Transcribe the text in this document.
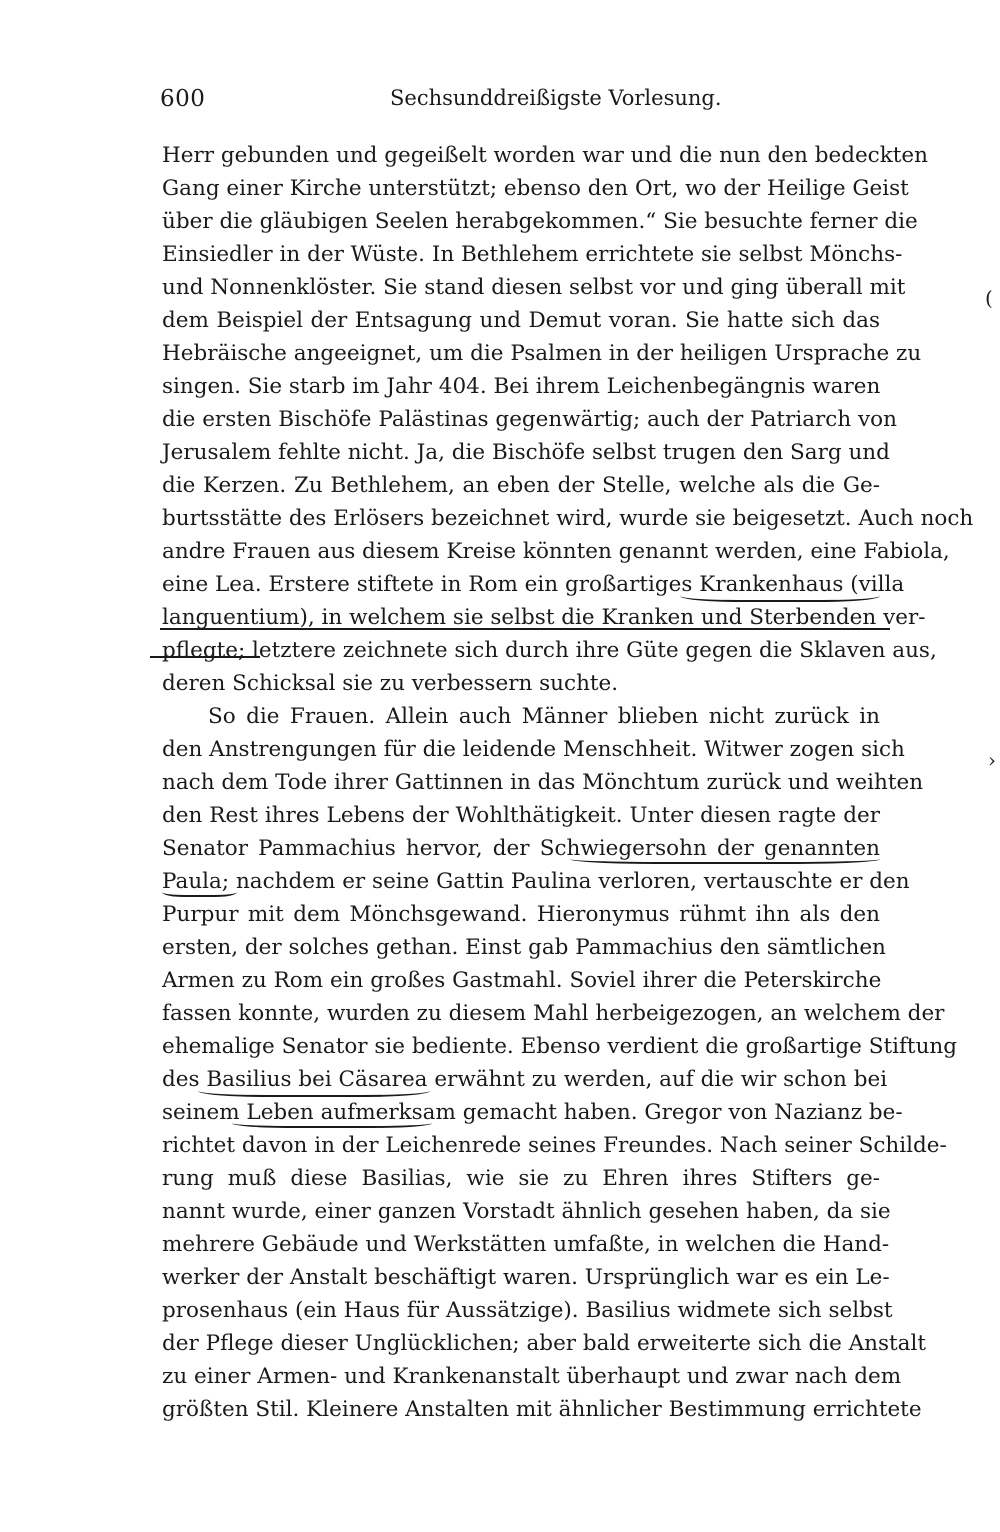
600	Sechsunddreißigste Vorlesung.
Herr gebunden und gegeißelt worden war und die nun den bedeckten
Gang einer Kirche unterstützt; ebenso den Ort, wo der Heilige Geist
über die gläubigen Seelen herabgekommen.“ Sie besuchte ferner die
Einsiedler in der Wüste. In Bethlehem errichtete sie selbst Mönchs-
und Nonnenklöster. Sie stand diesen selbst vor und ging überall mit
dem Beispiel der Entsagung und Demut voran. Sie hatte sich das
Hebräische angeeignet, um die Psalmen in der heiligen Ursprache zu
singen. Sie starb im Jahr 404. Bei ihrem Leichenbegängnis waren
die ersten Bischöfe Palästinas gegenwärtig; auch der Patriarch von
Jerusalem fehlte nicht. Ja, die Bischöfe selbst trugen den Sarg und
die Kerzen. Zu Bethlehem, an eben der Stelle, welche als die Ge-
burtsstätte des Erlösers bezeichnet wird, wurde sie beigesetzt. Auch noch
andre Frauen aus diesem Kreise könnten genannt werden, eine Fabiola,
eine Lea. Erstere stiftete in Rom ein großartiges Krankenhaus (villa
languentium), in welchem sie selbst die Kranken und Sterbenden ver-
pflegte; letztere zeichnete sich durch ihre Güte gegen die Sklaven aus,
deren Schicksal sie zu verbessern suchte.
So die Frauen. Allein auch Männer blieben nicht zurück in
den Anstrengungen für die leidende Menschheit. Witwer zogen sich
nach dem Tode ihrer Gattinnen in das Mönchtum zurück und weihten
den Rest ihres Lebens der Wohlthätigkeit. Unter diesen ragte der
Senator Pammachius hervor, der Schwiegersohn der genannten
Paula; nachdem er seine Gattin Paulina verloren, vertauschte er den
Purpur mit dem Mönchsgewand. Hieronymus rühmt ihn als den
ersten, der solches gethan. Einst gab Pammachius den sämtlichen
Armen zu Rom ein großes Gastmahl. Soviel ihrer die Peterskirche
fassen konnte, wurden zu diesem Mahl herbeigezogen, an welchem der
ehemalige Senator sie bediente. Ebenso verdient die großartige Stiftung
des Basilius bei Cäsarea erwähnt zu werden, auf die wir schon bei
seinem Leben aufmerksam gemacht haben. Gregor von Nazianz be-
richtet davon in der Leichenrede seines Freundes. Nach seiner Schilde-
rung muß diese Basilias, wie sie zu Ehren ihres Stifters ge-
nannt wurde, einer ganzen Vorstadt ähnlich gesehen haben, da sie
mehrere Gebäude und Werkstätten umfaßte, in welchen die Hand-
werker der Anstalt beschäftigt waren. Ursprünglich war es ein Le-
prosenhaus (ein Haus für Aussätzige). Basilius widmete sich selbst
der Pflege dieser Unglücklichen; aber bald erweiterte sich die Anstalt
zu einer Armen- und Krankenanstalt überhaupt und zwar nach dem
größten Stil. Kleinere Anstalten mit ähnlicher Bestimmung errichtete
(
›
